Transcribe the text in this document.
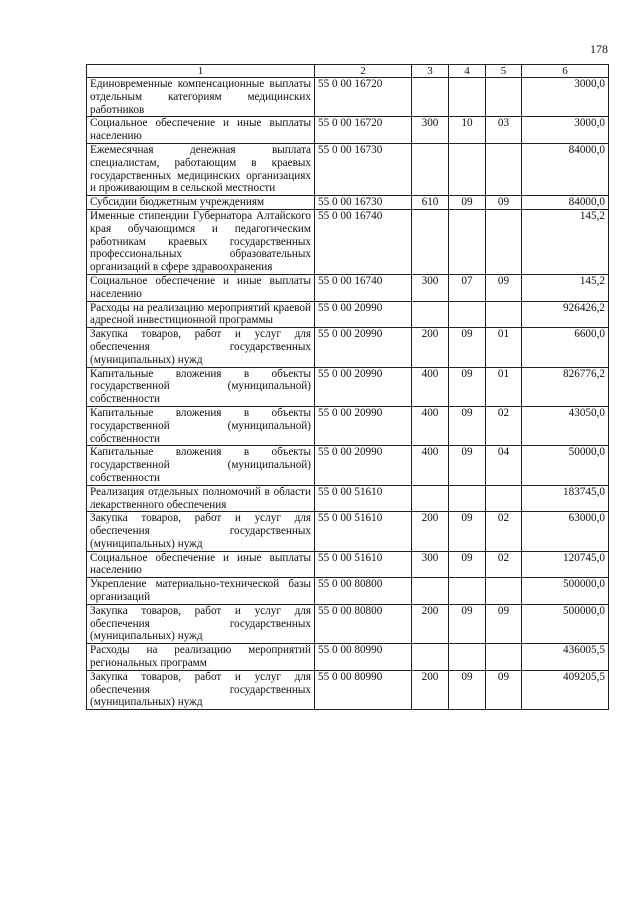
178
1	2	3	4	5	6
Единовременные компенсационные выплаты отдельным категориям медицинских работников	55 0 00 16720				3000,0
Социальное обеспечение и иные выплаты населению	55 0 00 16720	300	10	03	3000,0
Ежемесячная денежная выплата специалистам, работающим в краевых государственных медицинских организациях и проживающим в сельской местности	55 0 00 16730				84000,0
Субсидии бюджетным учреждениям	55 0 00 16730	610	09	09	84000,0
Именные стипендии Губернатора Алтайского края обучающимся и педагогическим работникам краевых государственных профессиональных образовательных организаций в сфере здравоохранения	55 0 00 16740				145,2
Социальное обеспечение и иные выплаты населению	55 0 00 16740	300	07	09	145,2
Расходы на реализацию мероприятий краевой адресной инвестиционной программы	55 0 00 20990				926426,2
Закупка товаров, работ и услуг для обеспечения государственных (муниципальных) нужд	55 0 00 20990	200	09	01	6600,0
Капитальные вложения в объекты государственной (муниципальной) собственности	55 0 00 20990	400	09	01	826776,2
Капитальные вложения в объекты государственной (муниципальной) собственности	55 0 00 20990	400	09	02	43050,0
Капитальные вложения в объекты государственной (муниципальной) собственности	55 0 00 20990	400	09	04	50000,0
Реализация отдельных полномочий в области лекарственного обеспечения	55 0 00 51610				183745,0
Закупка товаров, работ и услуг для обеспечения государственных (муниципальных) нужд	55 0 00 51610	200	09	02	63000,0
Социальное обеспечение и иные выплаты населению	55 0 00 51610	300	09	02	120745,0
Укрепление материально-технической базы организаций	55 0 00 80800				500000,0
Закупка товаров, работ и услуг для обеспечения государственных (муниципальных) нужд	55 0 00 80800	200	09	09	500000,0
Расходы на реализацию мероприятий региональных программ	55 0 00 80990				436005,5
Закупка товаров, работ и услуг для обеспечения государственных (муниципальных) нужд	55 0 00 80990	200	09	09	409205,5
